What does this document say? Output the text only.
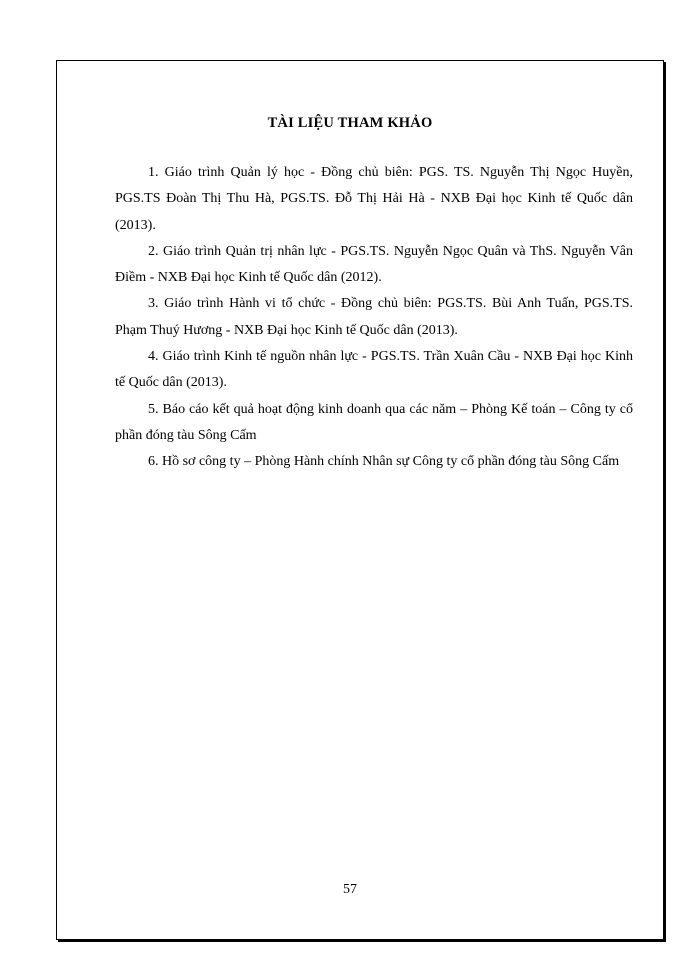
TÀI LIỆU THAM KHẢO

1. Giáo trình Quản lý học - Đồng chủ biên: PGS. TS. Nguyễn Thị Ngọc Huyền, PGS.TS Đoàn Thị Thu Hà, PGS.TS. Đỗ Thị Hải Hà - NXB Đại học Kinh tế Quốc dân (2013).

2. Giáo trình Quản trị nhân lực - PGS.TS. Nguyễn Ngọc Quân và ThS. Nguyễn Vân Điềm - NXB Đại học Kinh tế Quốc dân (2012).

3. Giáo trình Hành vi tổ chức - Đồng chủ biên: PGS.TS. Bùi Anh Tuấn, PGS.TS. Phạm Thuý Hương - NXB Đại học Kinh tế Quốc dân (2013).

4. Giáo trình Kinh tế nguồn nhân lực - PGS.TS. Trần Xuân Cầu - NXB Đại học Kinh tế Quốc dân (2013).

5. Báo cáo kết quả hoạt động kinh doanh qua các năm – Phòng Kế toán – Công ty cổ phần đóng tàu Sông Cấm

6. Hồ sơ công ty – Phòng Hành chính Nhân sự Công ty cổ phần đóng tàu Sông Cấm

57
